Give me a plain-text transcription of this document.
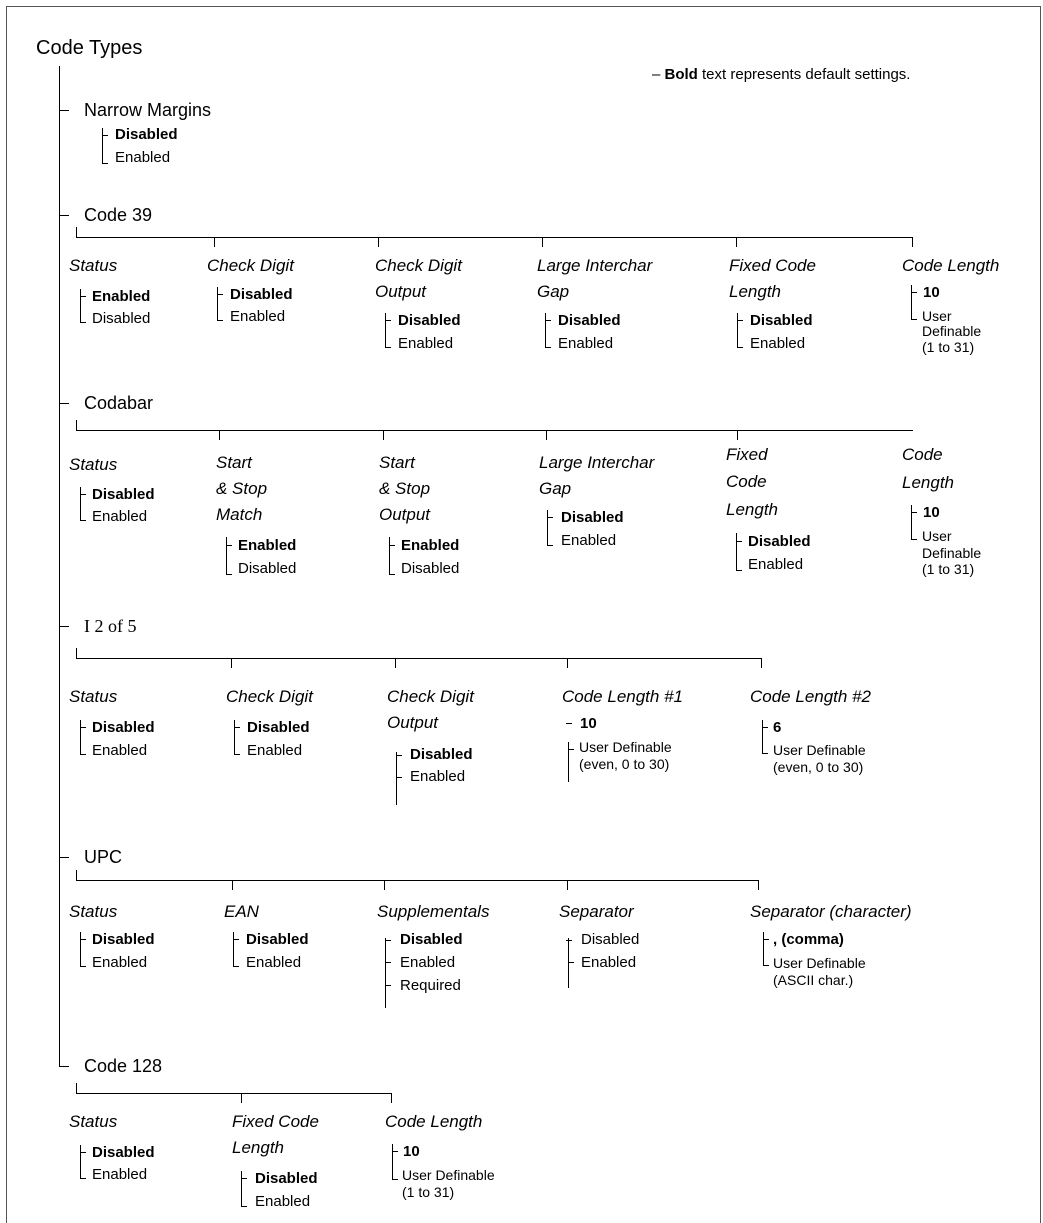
Code Types
– Bold text represents default settings.
Narrow Margins
Disabled
Enabled
Code 39
Status
Enabled
Disabled
Check Digit
Disabled
Enabled
Check Digit
Output
Disabled
Enabled
Large Interchar
Gap
Disabled
Enabled
Fixed Code
Length
Disabled
Enabled
Code Length
10
User
Definable
(1 to 31)
Codabar
Status
Disabled
Enabled
Start
& Stop
Match
Enabled
Disabled
Start
& Stop
Output
Enabled
Disabled
Large Interchar
Gap
Disabled
Enabled
Fixed
Code
Length
Disabled
Enabled
Code
Length
10
User
Definable
(1 to 31)
I 2 of 5
Status
Disabled
Enabled
Check Digit
Disabled
Enabled
Check Digit
Output
Disabled
Enabled
Code Length #1
10
User Definable
(even, 0 to 30)
Code Length #2
6
User Definable
(even, 0 to 30)
UPC
Status
Disabled
Enabled
EAN
Disabled
Enabled
Supplementals
Disabled
Enabled
Required
Separator
Disabled
Enabled
Separator (character)
, (comma)
User Definable
(ASCII char.)
Code 128
Status
Disabled
Enabled
Fixed Code
Length
Disabled
Enabled
Code Length
10
User Definable
(1 to 31)
